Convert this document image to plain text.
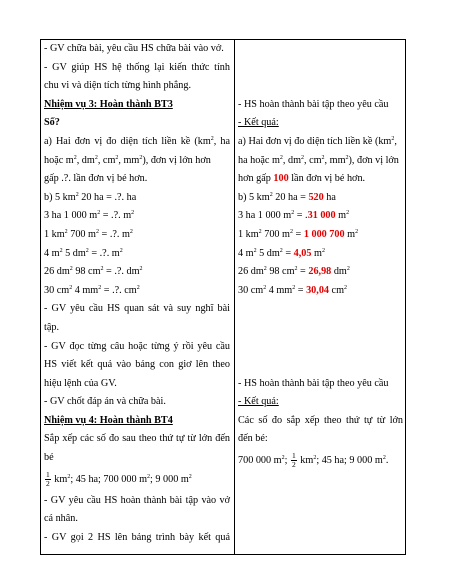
- GV chữa bài, yêu cầu HS chữa bài vào vở.
- GV giúp HS hệ thống lại kiến thức tính
chu vi và diện tích từng hình phẳng.
Nhiệm vụ 3: Hoàn thành BT3
Số?
a) Hai đơn vị đo diện tích liền kề ($km^2$, ha
hoặc $m^2$, $dm^2$, $cm^2$, $mm^2$), đơn vị lớn hơn
gấp .?. lần đơn vị bé hơn.
b) 5 $km^2$ 20 ha = .?. ha
3 ha 1 000 $m^2$ = .?. $m^2$
1 $km^2$ 700 $m^2$ = .?. $m^2$
4 $m^2$ 5 $dm^2$ = .?. $m^2$
26 $dm^2$ 98 $cm^2$ = .?. $dm^2$
30 $cm^2$ 4 $mm^2$ = .?. $cm^2$
- GV yêu cầu HS quan sát và suy nghĩ bài
tập.
- GV đọc từng câu hoặc từng ý rồi yêu cầu
HS viết kết quả vào bảng con giơ lên theo
hiệu lệnh của GV.
- GV chốt đáp án và chữa bài.
Nhiệm vụ 4: Hoàn thành BT4
Sắp xếp các số đo sau theo thứ tự từ lớn đến
bé
$\frac{1}{2} km^2$; 45 ha; 700 000 $m^2$; 9 000 $m^2$
- GV yêu cầu HS hoàn thành bài tập vào vở
cá nhân.
- GV gọi 2 HS lên bảng trình bày kết quả

- HS hoàn thành bài tập theo yêu cầu
- Kết quả:
a) Hai đơn vị đo diện tích liền kề ($km^2$,
ha hoặc $m^2$, $dm^2$, $cm^2$, $mm^2$), đơn vị lớn
hơn gấp 100 lần đơn vị bé hơn.
b) 5 $km^2$ 20 ha = 520 ha
3 ha 1 000 $m^2 = .31$ 000 $m^2$
1 $km^2$ 700 $m^2 = 1$ 000 700 $m^2$
4 $m^2$ 5 $dm^2 = 4,05$ $m^2$
26 $dm^2$ 98 $cm^2 = 26,98$ $dm^2$
30 $cm^2$ 4 $mm^2 = 30,04$ $cm^2$

- HS hoàn thành bài tập theo yêu cầu
- Kết quả:
Các số đo sắp xếp theo thứ tự từ lớn
đến bé:
700 000 $m^2$; $\frac{1}{2} km^2$; 45 ha; 9 000 $m^2$.
